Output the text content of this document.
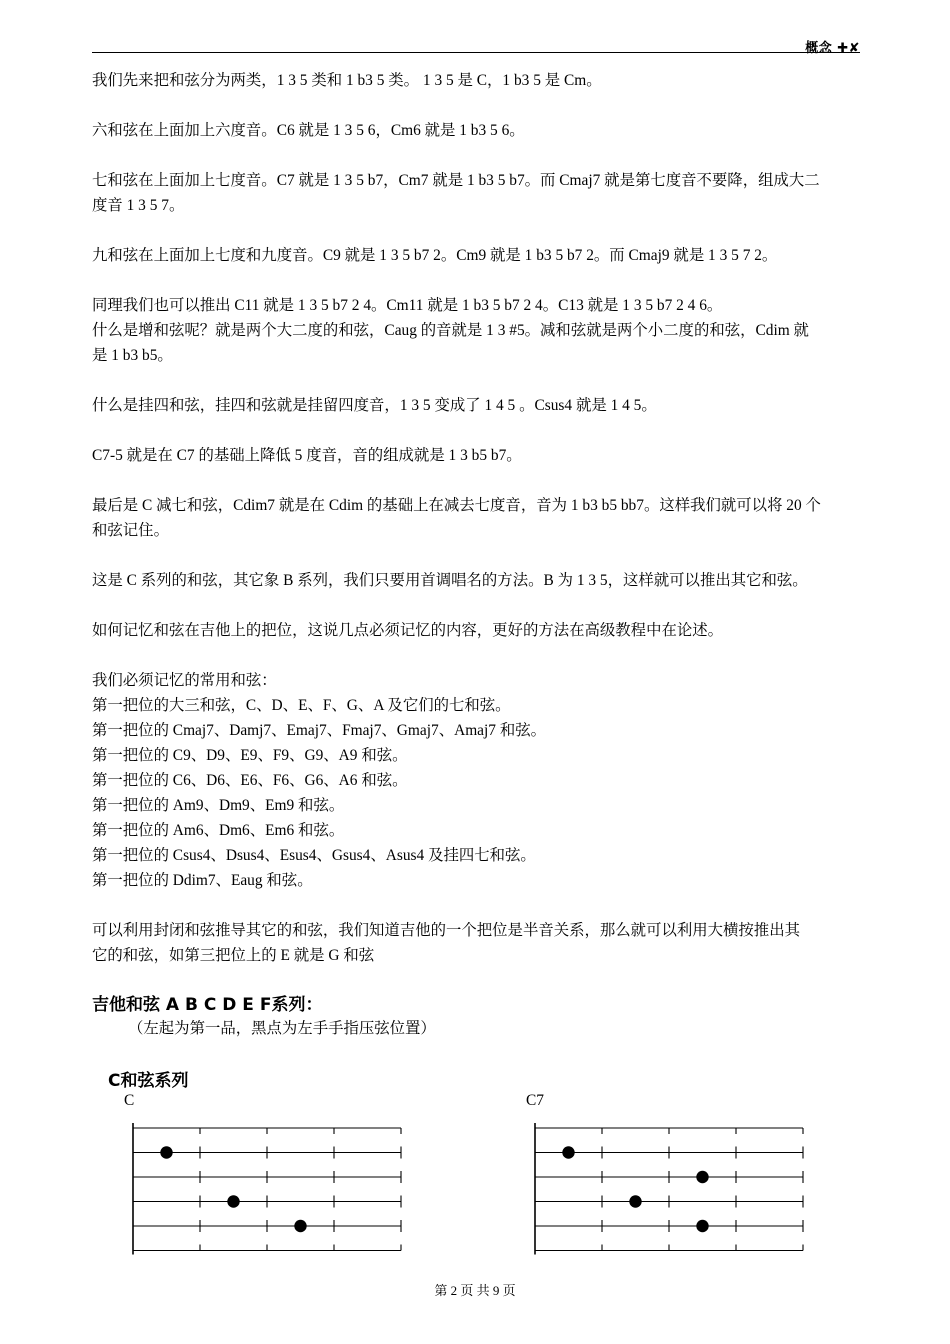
概念 ✚✘

我们先来把和弦分为两类，1 3 5 类和 1 b3 5 类。 1 3 5 是 C，1 b3 5 是 Cm。

六和弦在上面加上六度音。C6 就是 1 3 5 6，Cm6 就是 1 b3 5 6。

七和弦在上面加上七度音。C7 就是 1 3 5 b7，Cm7 就是 1 b3 5 b7。而 Cmaj7 就是第七度音不要降，组成大二

度音 1 3 5 7。

九和弦在上面加上七度和九度音。C9 就是 1 3 5 b7 2。Cm9 就是 1 b3 5 b7 2。而 Cmaj9 就是 1 3 5 7 2。

同理我们也可以推出 C11 就是 1 3 5 b7 2 4。Cm11 就是 1 b3 5 b7 2 4。C13 就是 1 3 5 b7 2 4 6。

什么是增和弦呢？就是两个大二度的和弦，Caug 的音就是 1 3 #5。减和弦就是两个小二度的和弦，Cdim 就

是 1 b3 b5。

什么是挂四和弦，挂四和弦就是挂留四度音，1 3 5 变成了 1 4 5 。Csus4 就是 1 4 5。

C7-5 就是在 C7 的基础上降低 5 度音，音的组成就是 1 3 b5 b7。

最后是 C 减七和弦，Cdim7 就是在 Cdim 的基础上在减去七度音，音为 1 b3 b5 bb7。这样我们就可以将 20 个

和弦记住。

这是 C 系列的和弦，其它象 B 系列，我们只要用首调唱名的方法。B 为 1 3 5，这样就可以推出其它和弦。

如何记忆和弦在吉他上的把位，这说几点必须记忆的内容，更好的方法在高级教程中在论述。

我们必须记忆的常用和弦：

第一把位的大三和弦，C、D、E、F、G、A 及它们的七和弦。

第一把位的 Cmaj7、Damj7、Emaj7、Fmaj7、Gmaj7、Amaj7 和弦。

第一把位的 C9、D9、E9、F9、G9、A9 和弦。

第一把位的 C6、D6、E6、F6、G6、A6 和弦。

第一把位的 Am9、Dm9、Em9 和弦。

第一把位的 Am6、Dm6、Em6 和弦。

第一把位的 Csus4、Dsus4、Esus4、Gsus4、Asus4 及挂四七和弦。

第一把位的 Ddim7、Eaug 和弦。

可以利用封闭和弦推导其它的和弦，我们知道吉他的一个把位是半音关系，那么就可以利用大横按推出其

它的和弦，如第三把位上的 E 就是 G 和弦

吉他和弦 A B C D E F系列：
（左起为第一品，黑点为左手手指压弦位置）
C和弦系列
C	C7
第 2 页 共 9 页
